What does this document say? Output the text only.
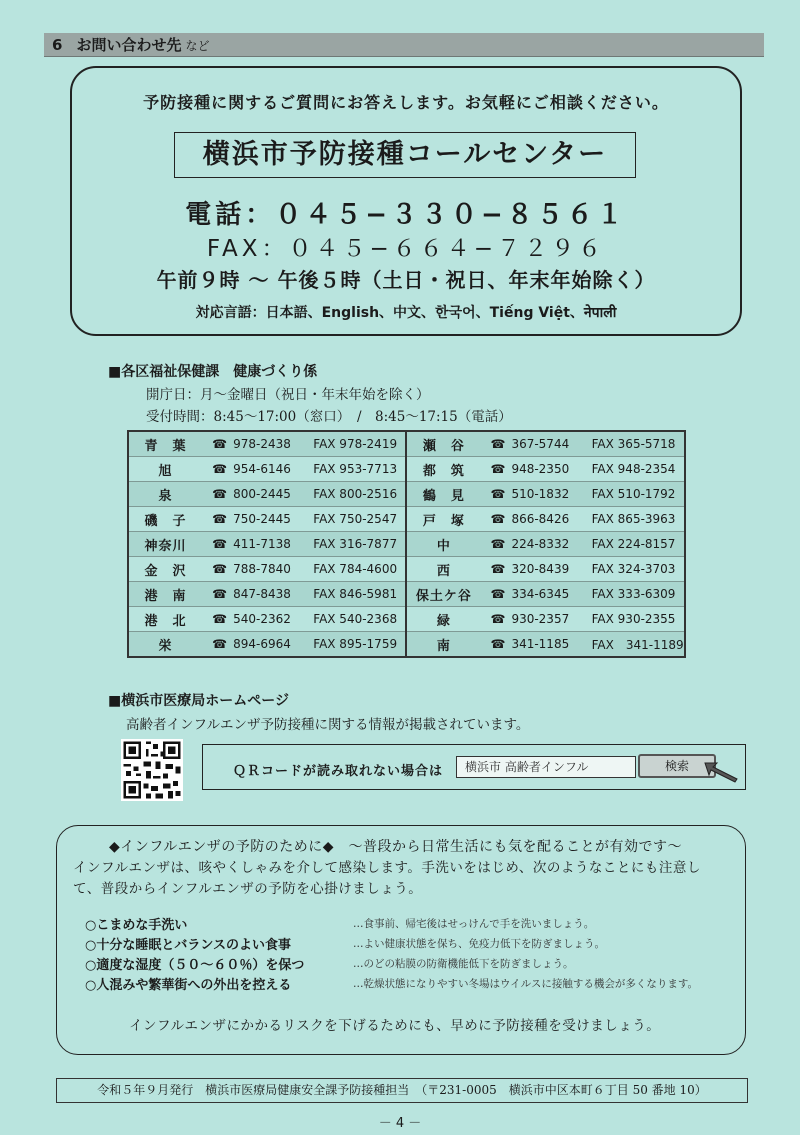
6 お問い合わせ先 など
予防接種に関するご質問にお答えします。お気軽にご相談ください。
横浜市予防接種コールセンター
電話：０４５−３３０−８５６１
FAX：０４５−６６４−７２９６
午前９時 ～ 午後５時（土日・祝日、年末年始除く）
対応言語：日本語、English、中文、한국어、Tiếng Việt、नेपाली
■各区福祉保健課　健康づくり係
開庁日：月～金曜日（祝日・年末年始を除く）
受付時間：8:45～17:00（窓口）　/　8:45～17:15（電話）
青　葉	☎ 978-2438	FAX 978-2419	瀬　谷	☎ 367-5744	FAX 365-5718
旭	☎ 954-6146	FAX 953-7713	都　筑	☎ 948-2350	FAX 948-2354
泉	☎ 800-2445	FAX 800-2516	鶴　見	☎ 510-1832	FAX 510-1792
磯　子	☎ 750-2445	FAX 750-2547	戸　塚	☎ 866-8426	FAX 865-3963
神奈川	☎ 411-7138	FAX 316-7877	中	☎ 224-8332	FAX 224-8157
金　沢	☎ 788-7840	FAX 784-4600	西	☎ 320-8439	FAX 324-3703
港　南	☎ 847-8438	FAX 846-5981	保土ケ谷	☎ 334-6345	FAX 333-6309
港　北	☎ 540-2362	FAX 540-2368	緑	☎ 930-2357	FAX 930-2355
栄	☎ 894-6964	FAX 895-1759	南	☎ 341-1185	FAX　341-1189
■横浜市医療局ホームページ
高齢者インフルエンザ予防接種に関する情報が掲載されています。
ＱＲコードが読み取れない場合は	横浜市 高齢者インフル	検索
◆インフルエンザの予防のために◆　～普段から日常生活にも気を配ることが有効です～
インフルエンザは、咳やくしゃみを介して感染します。手洗いをはじめ、次のようなことにも注意し
て、普段からインフルエンザの予防を心掛けましょう。
○こまめな手洗い	…食事前、帰宅後はせっけんで手を洗いましょう。
○十分な睡眠とバランスのよい食事	…よい健康状態を保ち、免疫力低下を防ぎましょう。
○適度な湿度（５０～６０％）を保つ	…のどの粘膜の防衛機能低下を防ぎましょう。
○人混みや繁華街への外出を控える	…乾燥状態になりやすい冬場はウイルスに接触する機会が多くなります。
インフルエンザにかかるリスクを下げるためにも、早めに予防接種を受けましょう。
令和５年９月発行　横浜市医療局健康安全課予防接種担当　（〒231-0005　横浜市中区本町６丁目 50 番地 10）
－ 4 －
